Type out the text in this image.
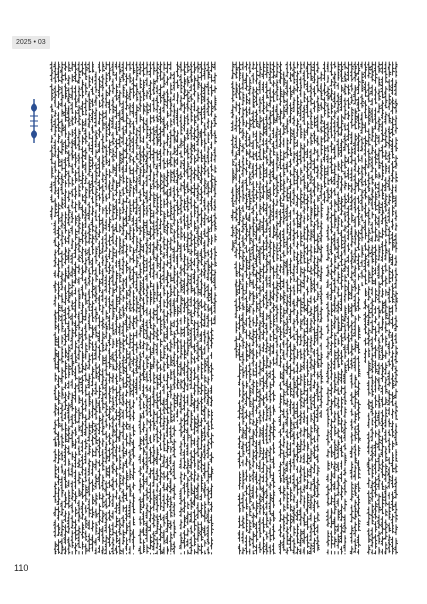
2025 • 03
110
